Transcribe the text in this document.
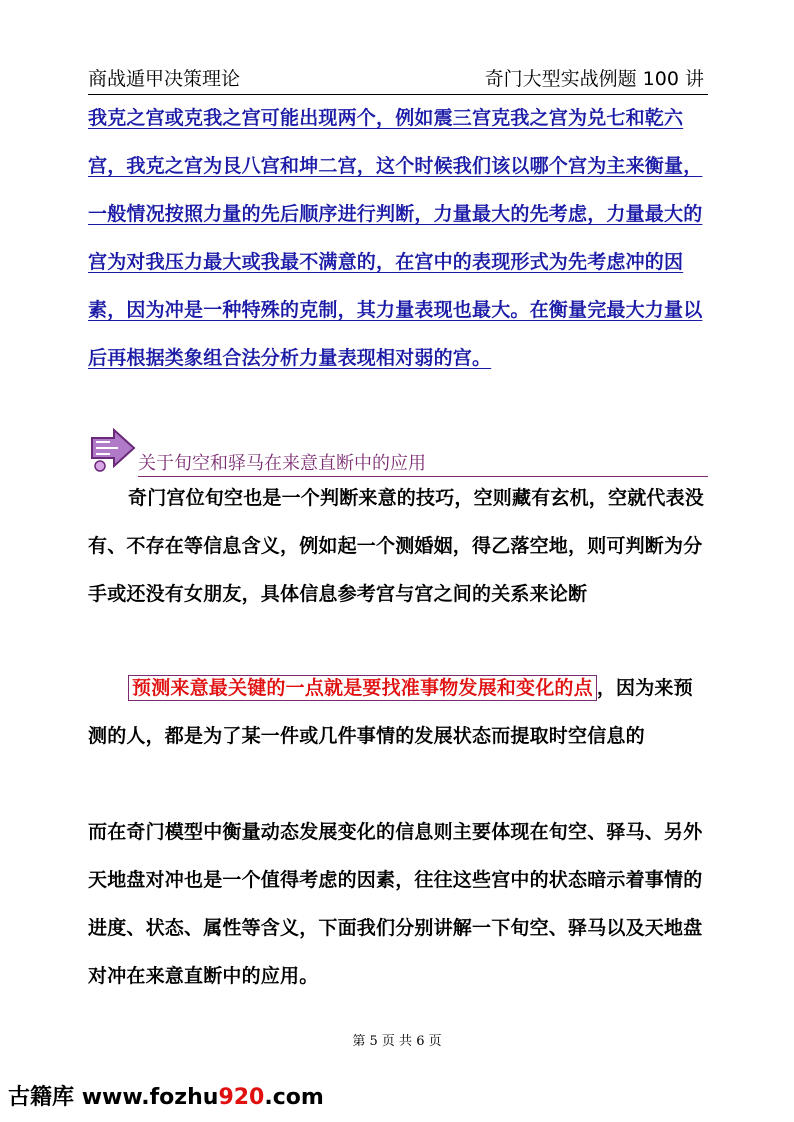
商战遁甲决策理论	奇门大型实战例题 100 讲

我克之宫或克我之宫可能出现两个，例如震三宫克我之宫为兑七和乾六宫，我克之宫为艮八宫和坤二宫，这个时候我们该以哪个宫为主来衡量，一般情况按照力量的先后顺序进行判断，力量最大的先考虑，力量最大的宫为对我压力最大或我最不满意的，在宫中的表现形式为先考虑冲的因素，因为冲是一种特殊的克制，其力量表现也最大。在衡量完最大力量以后再根据类象组合法分析力量表现相对弱的宫。

关于旬空和驿马在来意直断中的应用

奇门宫位旬空也是一个判断来意的技巧，空则藏有玄机，空就代表没有、不存在等信息含义，例如起一个测婚姻，得乙落空地，则可判断为分手或还没有女朋友，具体信息参考宫与宫之间的关系来论断

预测来意最关键的一点就是要找准事物发展和变化的点 ，因为来预测的人，都是为了某一件或几件事情的发展状态而提取时空信息的

而在奇门模型中衡量动态发展变化的信息则主要体现在旬空、驿马、另外天地盘对冲也是一个值得考虑的因素，往往这些宫中的状态暗示着事情的进度、状态、属性等含义，下面我们分别讲解一下旬空、驿马以及天地盘对冲在来意直断中的应用。

第 5 页 共 6 页
古籍库 www.fozhu920.com
